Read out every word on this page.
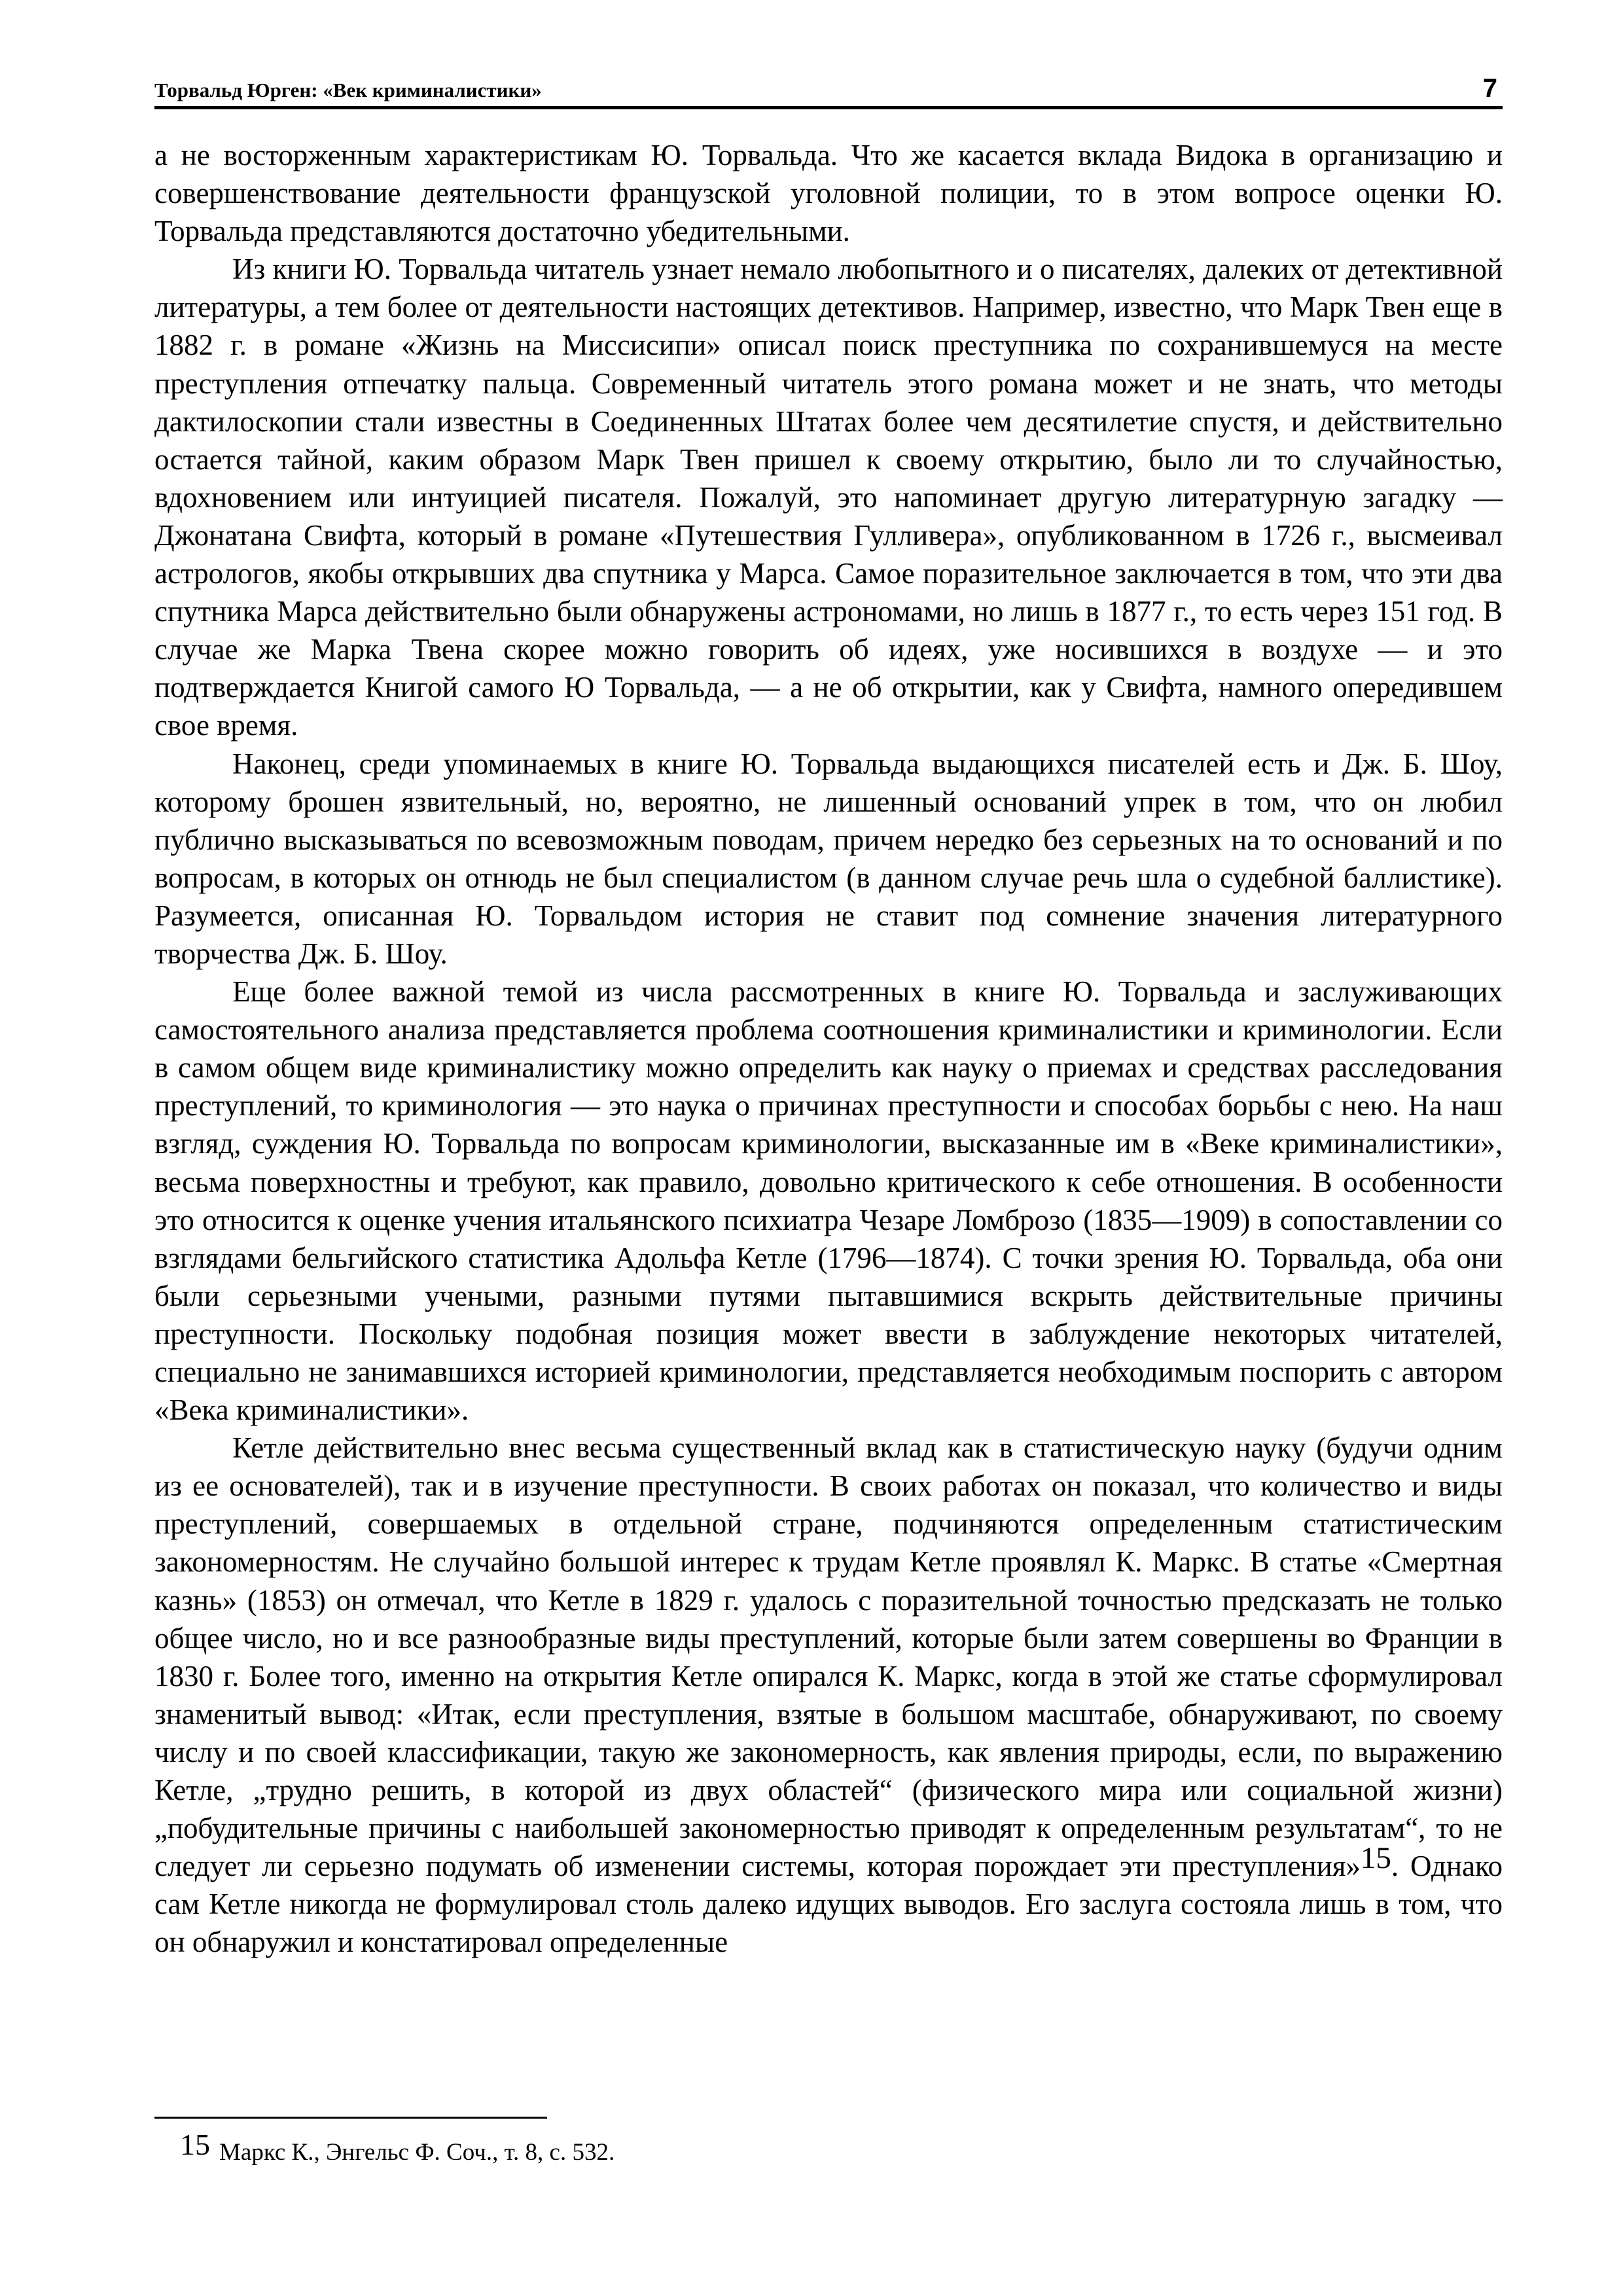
Торвальд Юрген: «Век криминалистики»	7

а не восторженным характеристикам Ю. Торвальда. Что же касается вклада Видока в организацию и совершенствование деятельности французской уголовной полиции, то в этом вопросе оценки Ю. Торвальда представляются достаточно убедительными.

Из книги Ю. Торвальда читатель узнает немало любопытного и о писателях, далеких от детективной литературы, а тем более от деятельности настоящих детективов. Например, известно, что Марк Твен еще в 1882 г. в романе «Жизнь на Миссисипи» описал поиск преступника по сохранившемуся на месте преступления отпечатку пальца. Современный читатель этого романа может и не знать, что методы дактилоскопии стали известны в Соединенных Штатах более чем десятилетие спустя, и действительно остается тайной, каким образом Марк Твен пришел к своему открытию, было ли то случайностью, вдохновением или интуицией писателя. Пожалуй, это напоминает другую литературную загадку — Джонатана Свифта, который в романе «Путешествия Гулливера», опубликованном в 1726 г., высмеивал астрологов, якобы открывших два спутника у Марса. Самое поразительное заключается в том, что эти два спутника Марса действительно были обнаружены астрономами, но лишь в 1877 г., то есть через 151 год. В случае же Марка Твена скорее можно говорить об идеях, уже носившихся в воздухе — и это подтверждается Книгой самого Ю Торвальда, — а не об открытии, как у Свифта, намного опередившем свое время.

Наконец, среди упоминаемых в книге Ю. Торвальда выдающихся писателей есть и Дж. Б. Шоу, которому брошен язвительный, но, вероятно, не лишенный оснований упрек в том, что он любил публично высказываться по всевозможным поводам, причем нередко без серьезных на то оснований и по вопросам, в которых он отнюдь не был специалистом (в данном случае речь шла о судебной баллистике). Разумеется, описанная Ю. Торвальдом история не ставит под сомнение значения литературного творчества Дж. Б. Шоу.

Еще более важной темой из числа рассмотренных в книге Ю. Торвальда и заслуживающих самостоятельного анализа представляется проблема соотношения криминалистики и криминологии. Если в самом общем виде криминалистику можно определить как науку о приемах и средствах расследования преступлений, то криминология — это наука о причинах преступности и способах борьбы с нею. На наш взгляд, суждения Ю. Торвальда по вопросам криминологии, высказанные им в «Веке криминалистики», весьма поверхностны и требуют, как правило, довольно критического к себе отношения. В особенности это относится к оценке учения итальянского психиатра Чезаре Ломброзо (1835—1909) в сопоставлении со взглядами бельгийского статистика Адольфа Кетле (1796—1874). С точки зрения Ю. Торвальда, оба они были серьезными учеными, разными путями пытавшимися вскрыть действительные причины преступности. Поскольку подобная позиция может ввести в заблуждение некоторых читателей, специально не занимавшихся историей криминологии, представляется необходимым поспорить с автором «Века криминалистики».

Кетле действительно внес весьма существенный вклад как в статистическую науку (будучи одним из ее основателей), так и в изучение преступности. В своих работах он показал, что количество и виды преступлений, совершаемых в отдельной стране, подчиняются определенным статистическим закономерностям. Не случайно большой интерес к трудам Кетле проявлял К. Маркс. В статье «Смертная казнь» (1853) он отмечал, что Кетле в 1829 г. удалось с поразительной точностью предсказать не только общее число, но и все разнообразные виды преступлений, которые были затем совершены во Франции в 1830 г. Более того, именно на открытия Кетле опирался К. Маркс, когда в этой же статье сформулировал знаменитый вывод: «Итак, если преступления, взятые в большом масштабе, обнаруживают, по своему числу и по своей классификации, такую же закономерность, как явления природы, если, по выражению Кетле, „трудно решить, в которой из двух областей“ (физического мира или социальной жизни) „побудительные причины с наибольшей закономерностью приводят к определенным результатам“, то не следует ли серьезно подумать об изменении системы, которая порождает эти преступления»15. Однако сам Кетле никогда не формулировал столь далеко идущих выводов. Его заслуга состояла лишь в том, что он обнаружил и констатировал определенные

15 Маркс К., Энгельс Ф. Соч., т. 8, с. 532.
